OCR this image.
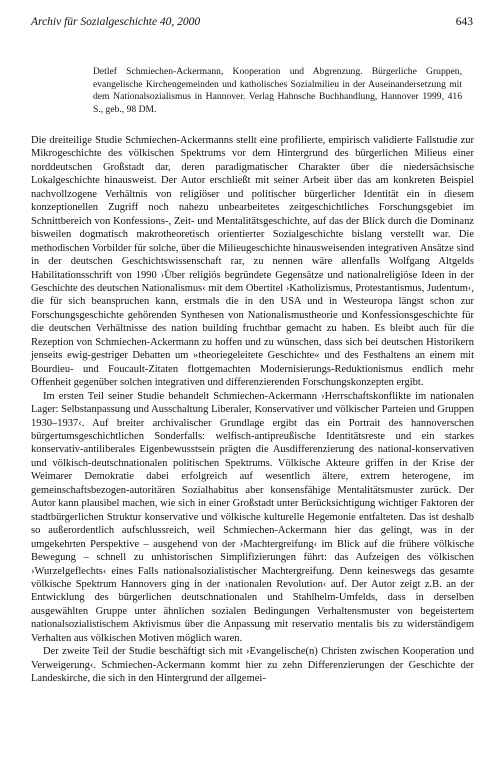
Archiv für Sozialgeschichte 40, 2000	643
Detlef Schmiechen-Ackermann, Kooperation und Abgrenzung. Bürgerliche Gruppen, evangelische Kirchengemeinden und katholisches Sozialmilieu in der Auseinandersetzung mit dem Nationalsozialismus in Hannover. Verlag Hahnsche Buchhandlung, Hannover 1999, 416 S., geb., 98 DM.

Die dreiteilige Studie Schmiechen-Ackermanns stellt eine profilierte, empirisch validierte Fallstudie zur Mikrogeschichte des völkischen Spektrums vor dem Hintergrund des bürgerlichen Milieus einer norddeutschen Großstadt dar, deren paradigmatischer Charakter über die niedersächsische Lokalgeschichte hinausweist. Der Autor erschließt mit seiner Arbeit über das am konkreten Beispiel nachvollzogene Verhältnis von religiöser und politischer bürgerlicher Identität ein in diesem konzeptionellen Zugriff noch nahezu unbearbeitetes zeitgeschichtliches Forschungsgebiet im Schnittbereich von Konfessions-, Zeit- und Mentalitätsgeschichte, auf das der Blick durch die Dominanz bisweilen dogmatisch makrotheoretisch orientierter Sozialgeschichte bislang verstellt war. Die methodischen Vorbilder für solche, über die Milieugeschichte hinausweisenden integrativen Ansätze sind in der deutschen Geschichtswissenschaft rar, zu nennen wäre allenfalls Wolfgang Altgelds Habilitationsschrift von 1990 ›Über religiös begründete Gegensätze und nationalreligiöse Ideen in der Geschichte des deutschen Nationalismus‹ mit dem Obertitel ›Katholizismus, Protestantismus, Judentum‹, die für sich beanspruchen kann, erstmals die in den USA und in Westeuropa längst schon zur Forschungsgeschichte gehörenden Synthesen von Nationalismustheorie und Konfessionsgeschichte für die deutschen Verhältnisse des nation building fruchtbar gemacht zu haben. Es bleibt auch für die Rezeption von Schmiechen-Ackermann zu hoffen und zu wünschen, dass sich bei deutschen Historikern jenseits ewig-gestriger Debatten um »theoriegeleitete Geschichte« und des Festhaltens an einem mit Bourdieu- und Foucault-Zitaten flottgemachten Modernisierungs-Reduktionismus endlich mehr Offenheit gegenüber solchen integrativen und differenzierenden Forschungskonzepten ergibt.

Im ersten Teil seiner Studie behandelt Schmiechen-Ackermann ›Herrschaftskonflikte im nationalen Lager: Selbstanpassung und Ausschaltung Liberaler, Konservativer und völkischer Parteien und Gruppen 1930–1937‹. Auf breiter archivalischer Grundlage ergibt das ein Portrait des hannoverschen bürgertumsgeschichtlichen Sonderfalls: welfisch-antipreußische Identitätsreste und ein starkes konservativ-antiliberales Eigenbewusstsein prägten die Ausdifferenzierung des national-konservativen und völkisch-deutschnationalen politischen Spektrums. Völkische Akteure griffen in der Krise der Weimarer Demokratie dabei erfolgreich auf wesentlich ältere, extrem heterogene, im gemeinschaftsbezogen-autoritären Sozialhabitus aber konsensfähige Mentalitätsmuster zurück. Der Autor kann plausibel machen, wie sich in einer Großstadt unter Berücksichtigung wichtiger Faktoren der stadtbürgerlichen Struktur konservative und völkische kulturelle Hegemonie entfalteten. Das ist deshalb so außerordentlich aufschlussreich, weil Schmiechen-Ackermann hier das gelingt, was in der umgekehrten Perspektive – ausgehend von der ›Machtergreifung‹ im Blick auf die frühere völkische Bewegung – schnell zu unhistorischen Simplifizierungen führt: das Aufzeigen des völkischen ›Wurzelgeflechts‹ eines Falls nationalsozialistischer Machtergreifung. Denn keineswegs das gesamte völkische Spektrum Hannovers ging in der ›nationalen Revolution‹ auf. Der Autor zeigt z.B. an der Entwicklung des bürgerlichen deutschnationalen und Stahlhelm-Umfelds, dass in derselben ausgewählten Gruppe unter ähnlichen sozialen Bedingungen Verhaltensmuster von begeistertem nationalsozialistischem Aktivismus über die Anpassung mit reservatio mentalis bis zu widerständigem Verhalten aus völkischen Motiven möglich waren.

Der zweite Teil der Studie beschäftigt sich mit ›Evangelische(n) Christen zwischen Kooperation und Verweigerung‹. Schmiechen-Ackermann kommt hier zu zehn Differenzierungen der Geschichte der Landeskirche, die sich in den Hintergrund der allgemei-
